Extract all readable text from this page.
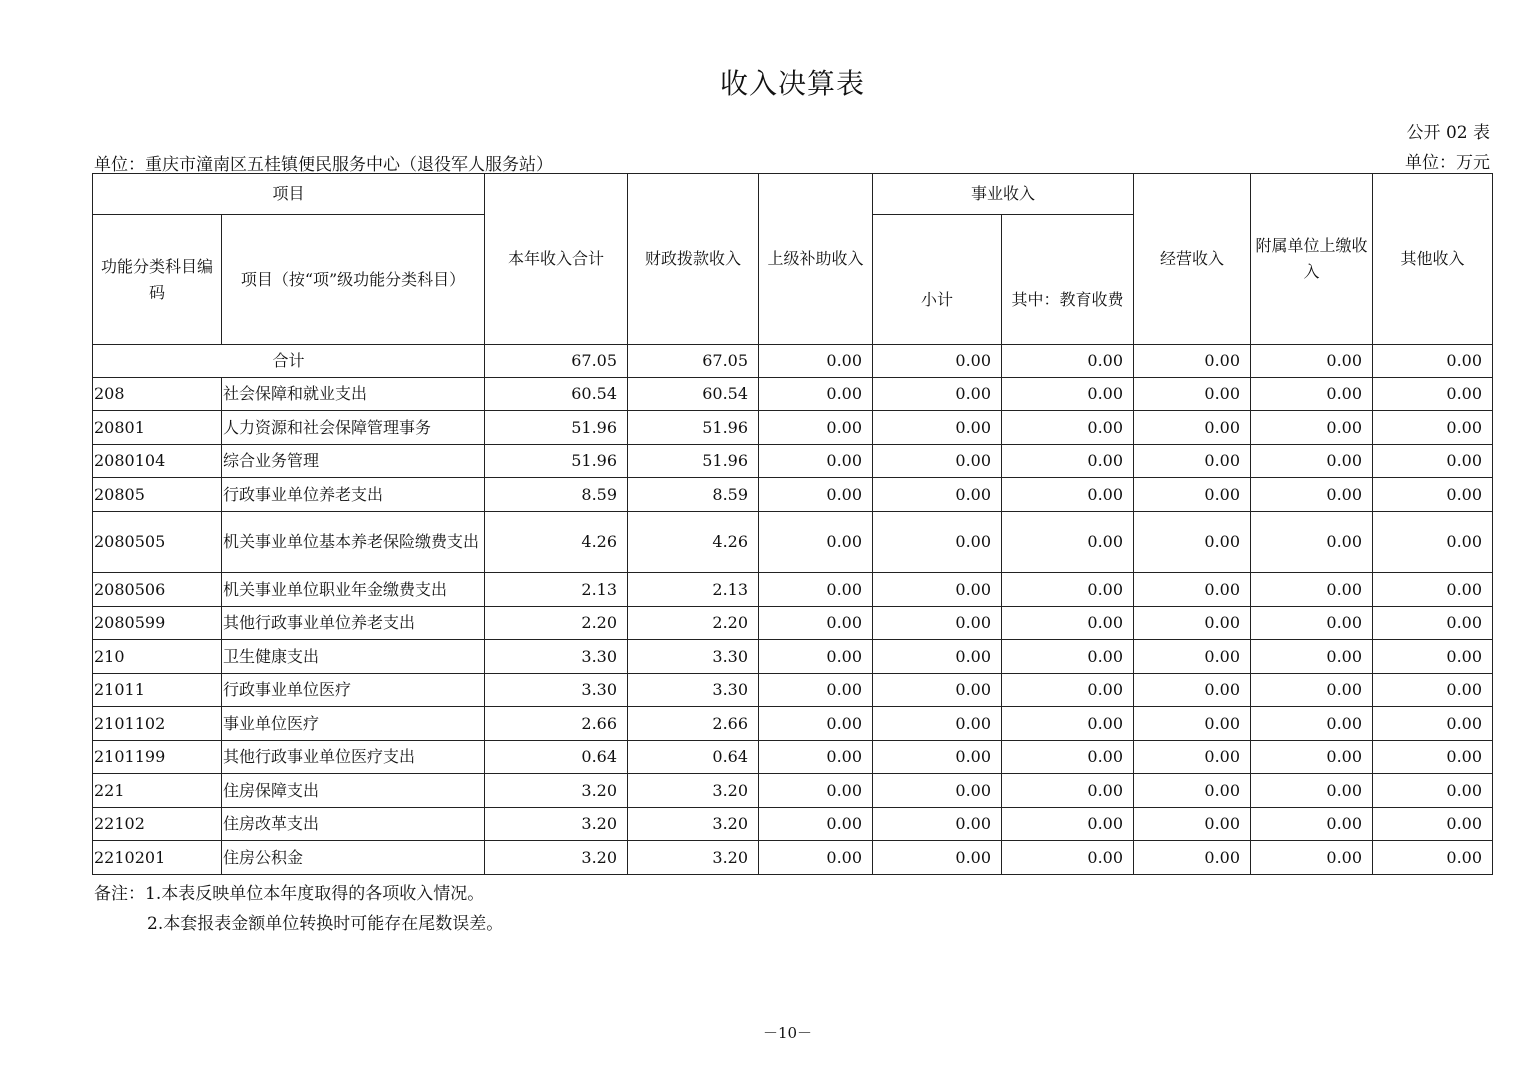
收入决算表
公开 02 表
单位：重庆市潼南区五桂镇便民服务中心（退役军人服务站）	单位：万元
项目		本年收入合计	财政拨款收入	上级补助收入	事业收入		经营收入	附属单位上缴收入	其他收入
功能分类科目编码	项目（按“项”级功能分类科目）				小计	其中：教育收费			
合计		67.05	67.05	0.00	0.00	0.00	0.00	0.00	0.00
208	社会保障和就业支出	60.54	60.54	0.00	0.00	0.00	0.00	0.00	0.00
20801	人力资源和社会保障管理事务	51.96	51.96	0.00	0.00	0.00	0.00	0.00	0.00
2080104	综合业务管理	51.96	51.96	0.00	0.00	0.00	0.00	0.00	0.00
20805	行政事业单位养老支出	8.59	8.59	0.00	0.00	0.00	0.00	0.00	0.00
2080505	机关事业单位基本养老保险缴费支出	4.26	4.26	0.00	0.00	0.00	0.00	0.00	0.00
2080506	机关事业单位职业年金缴费支出	2.13	2.13	0.00	0.00	0.00	0.00	0.00	0.00
2080599	其他行政事业单位养老支出	2.20	2.20	0.00	0.00	0.00	0.00	0.00	0.00
210	卫生健康支出	3.30	3.30	0.00	0.00	0.00	0.00	0.00	0.00
21011	行政事业单位医疗	3.30	3.30	0.00	0.00	0.00	0.00	0.00	0.00
2101102	事业单位医疗	2.66	2.66	0.00	0.00	0.00	0.00	0.00	0.00
2101199	其他行政事业单位医疗支出	0.64	0.64	0.00	0.00	0.00	0.00	0.00	0.00
221	住房保障支出	3.20	3.20	0.00	0.00	0.00	0.00	0.00	0.00
22102	住房改革支出	3.20	3.20	0.00	0.00	0.00	0.00	0.00	0.00
2210201	住房公积金	3.20	3.20	0.00	0.00	0.00	0.00	0.00	0.00
备注：1.本表反映单位本年度取得的各项收入情况。
2.本套报表金额单位转换时可能存在尾数误差。
－10－
